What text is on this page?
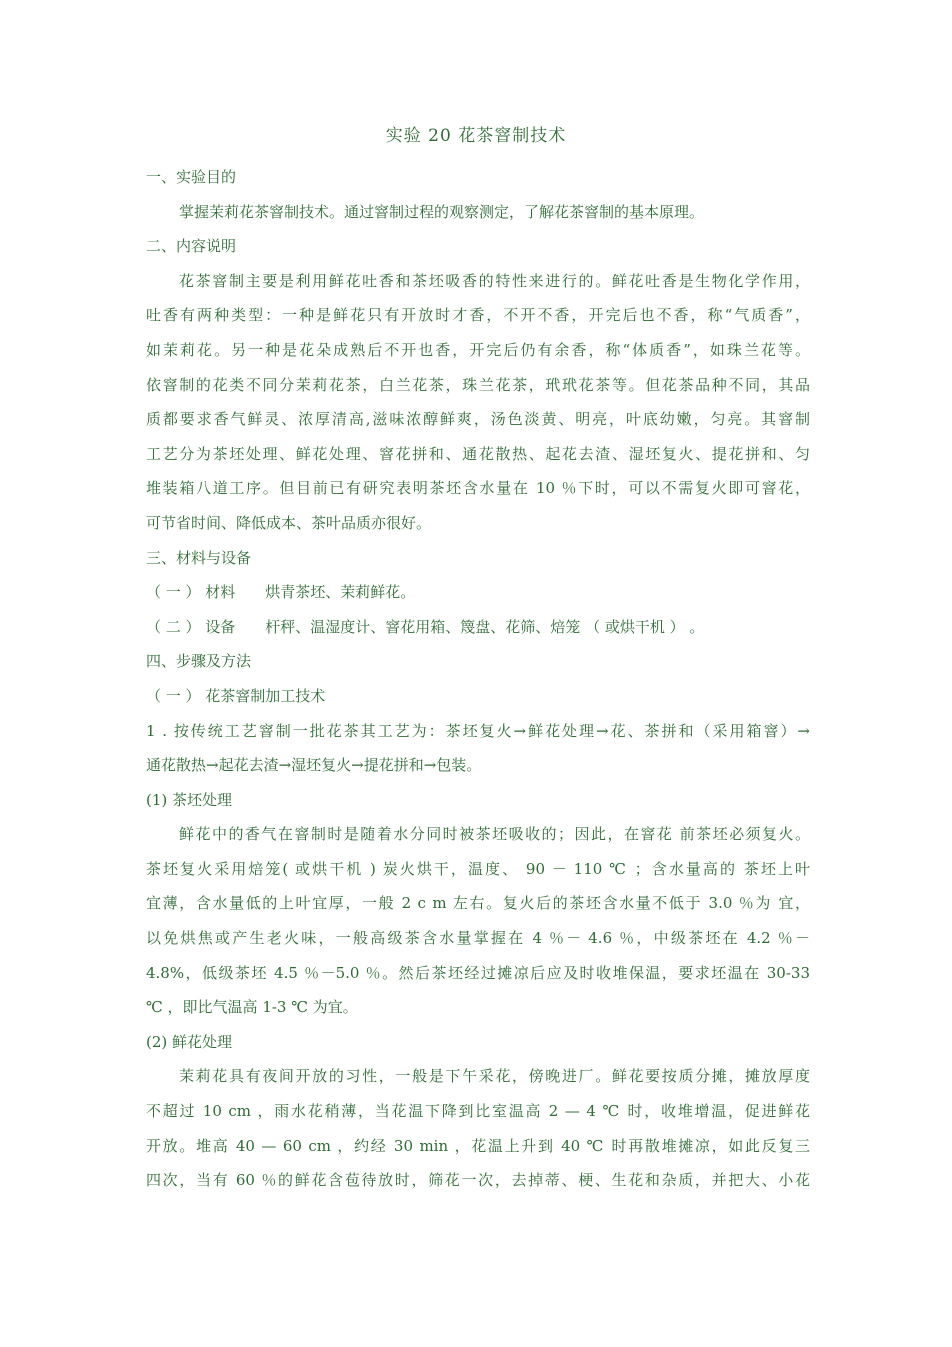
实验 20 花茶窨制技术
一、实验目的
掌握茉莉花茶窨制技术。通过窨制过程的观察测定，了解花茶窨制的基本原理。
二、内容说明
花茶窨制主要是利用鲜花吐香和茶坯吸香的特性来进行的。鲜花吐香是生物化学作用，
吐香有两种类型：一种是鲜花只有开放时才香，不开不香，开完后也不香，称“气质香”，
如茉莉花。另一种是花朵成熟后不开也香，开完后仍有余香，称“体质香”，如珠兰花等。
依窨制的花类不同分茉莉花茶，白兰花茶，珠兰花茶，玳玳花茶等。但花茶品种不同，其品
质都要求香气鲜灵、浓厚清高,滋味浓醇鲜爽，汤色淡黄、明亮，叶底幼嫩，匀亮。其窨制
工艺分为茶坯处理、鲜花处理、窨花拼和、通花散热、起花去渣、湿坯复火、提花拼和、匀
堆装箱八道工序。但目前已有研究表明茶坯含水量在 10 ％下时，可以不需复火即可窨花，
可节省时间、降低成本、茶叶品质亦很好。
三、材料与设备
（ 一 ） 材料　　烘青茶坯、茉莉鲜花。
（ 二 ） 设备　　杆秤、温湿度计、窨花用箱、篾盘、花筛、焙笼 （ 或烘干机 ） 。
四、步骤及方法
（ 一 ） 花茶窨制加工技术
1 . 按传统工艺窨制一批花茶其工艺为：茶坯复火→鲜花处理→花、茶拼和（采用箱窨）→
通花散热→起花去渣→湿坯复火→提花拼和→包装。
(1) 茶坯处理
鲜花中的香气在窨制时是随着水分同时被茶坯吸收的；因此，在窨花 前茶坯必须复火。
茶坯复火采用焙笼( 或烘干机 ) 炭火烘干，温度、 90 － 110 ℃ ；含水量高的 茶坯上叶
宜薄，含水量低的上叶宜厚，一般 2 c m 左右。复火后的茶坯含水量不低于 3.0 ％为 宜，
以免烘焦或产生老火味，一般高级茶含水量掌握在 4 ％－ 4.6 ％，中级茶坯在 4.2 ％－
4.8%，低级茶坯 4.5 ％－5.0 ％。然后茶坯经过摊凉后应及时收堆保温，要求坯温在 30-33
℃ ，即比气温高 1-3 ℃ 为宜。
(2) 鲜花处理
茉莉花具有夜间开放的习性，一般是下午采花，傍晚进厂。鲜花要按质分摊，摊放厚度
不超过 10 cm ，雨水花稍薄，当花温下降到比室温高 2 — 4 ℃ 时，收堆增温，促进鲜花
开放。堆高 40 — 60 cm ，约经 30 min ，花温上升到 40 ℃ 时再散堆摊凉，如此反复三
四次，当有 60 ％的鲜花含苞待放时，筛花一次，去掉蒂、梗、生花和杂质，并把大、小花
